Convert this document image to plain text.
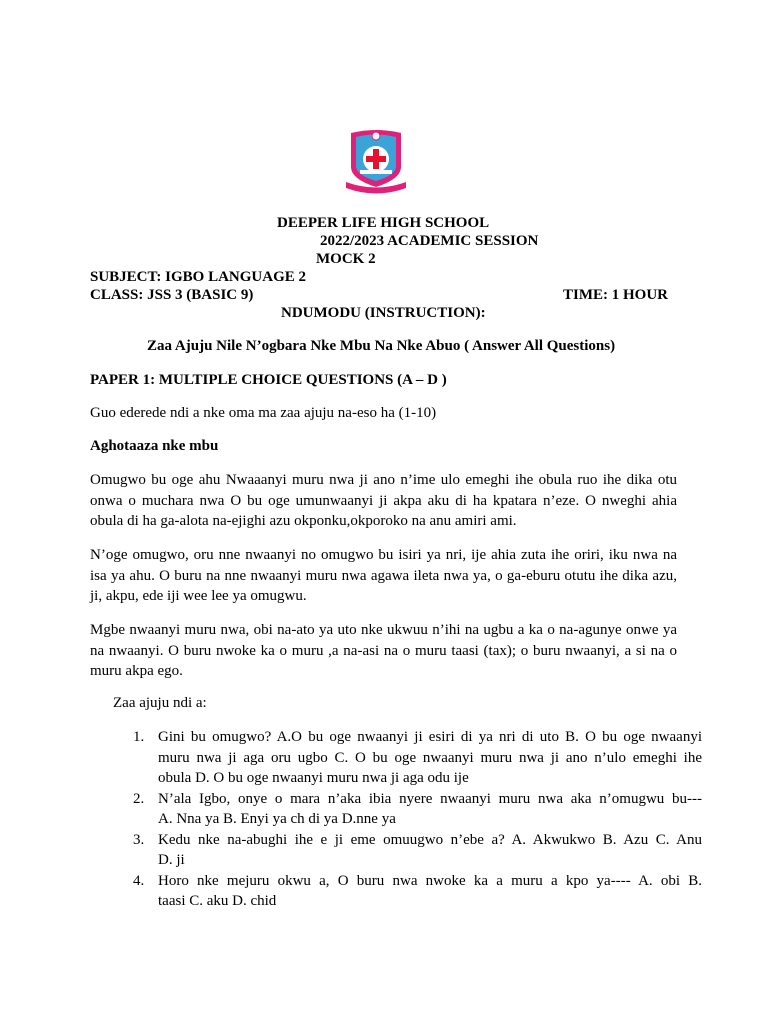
DEEPER LIFE HIGH SCHOOL
2022/2023 ACADEMIC SESSION
MOCK 2
SUBJECT: IGBO LANGUAGE 2
CLASS: JSS 3 (BASIC 9)	TIME: 1 HOUR
NDUMODU (INSTRUCTION):
Zaa Ajuju Nile N’ogbara Nke Mbu Na Nke Abuo ( Answer All Questions)
PAPER 1: MULTIPLE CHOICE QUESTIONS (A – D )
Guo ederede ndi a nke oma ma zaa ajuju na-eso ha (1-10)
Aghotaaza nke mbu
Omugwo bu oge ahu Nwaaanyi muru nwa ji ano n’ime ulo emeghi ihe obula ruo ihe dika otu
onwa o muchara nwa O bu oge umunwaanyi ji akpa aku di ha kpatara n’eze. O nweghi ahia
obula di ha ga-alota na-ejighi azu okponku,okporoko na anu amiri ami.
N’oge omugwo, oru nne nwaanyi no omugwo bu isiri ya nri, ije ahia zuta ihe oriri, iku nwa na
isa ya ahu. O buru na nne nwaanyi muru nwa agawa ileta nwa ya, o ga-eburu otutu ihe dika azu,
ji, akpu, ede iji wee lee ya omugwu.
Mgbe nwaanyi muru nwa, obi na-ato ya uto nke ukwuu n’ihi na ugbu a ka o na-agunye onwe ya
na nwaanyi. O buru nwoke ka o muru ,a na-asi na o muru taasi (tax); o buru nwaanyi, a si na o
muru akpa ego.
Zaa ajuju ndi a:
1. Gini bu omugwo? A.O bu oge nwaanyi ji esiri di ya nri di uto B. O bu oge nwaanyi
muru nwa ji aga oru ugbo C. O bu oge nwaanyi muru nwa ji ano n’ulo emeghi ihe
obula D. O bu oge nwaanyi muru nwa ji aga odu ije
2. N’ala Igbo, onye o mara n’aka ibia nyere nwaanyi muru nwa aka n’omugwu bu---
A. Nna ya B. Enyi ya ch di ya D.nne ya
3. Kedu nke na-abughi ihe e ji eme omuugwo n’ebe a? A. Akwukwo B. Azu C. Anu
D. ji
4. Horo nke mejuru okwu a, O buru nwa nwoke ka a muru a kpo ya---- A. obi B.
taasi C. aku D. chid
